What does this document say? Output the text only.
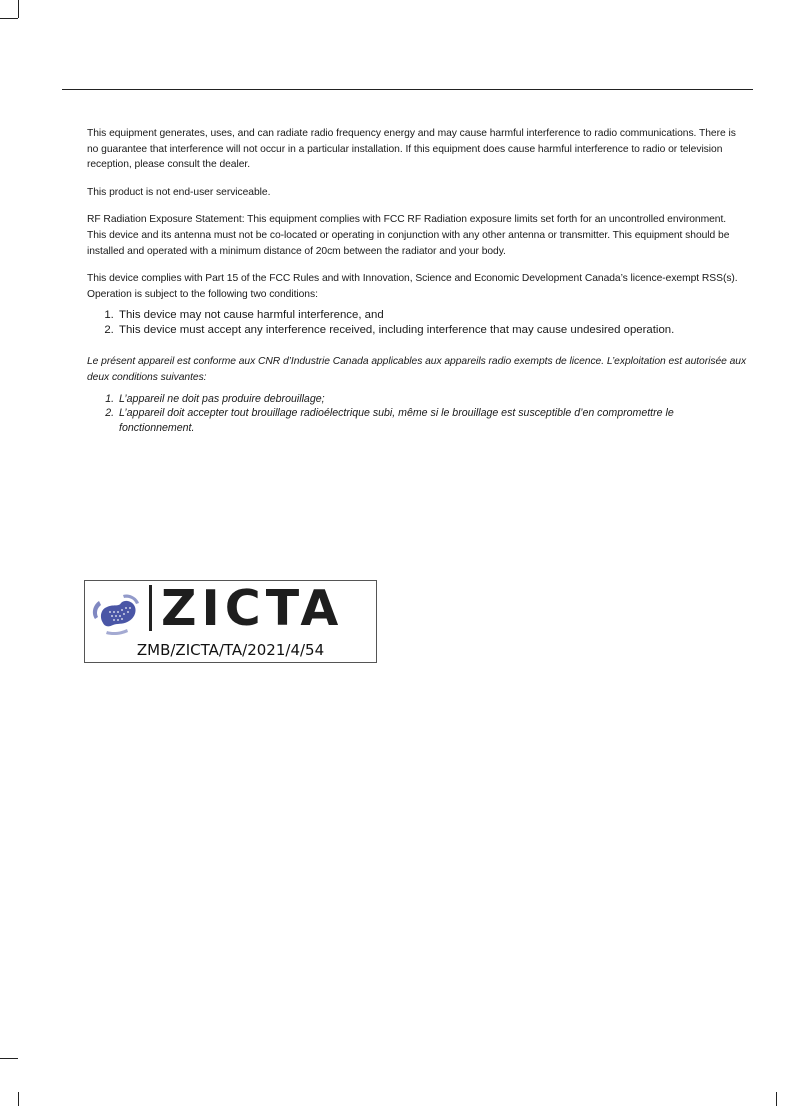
This equipment generates, uses, and can radiate radio frequency energy and may cause harmful interference to radio communications. There is no guarantee that interference will not occur in a particular installation. If this equipment does cause harmful interference to radio or television reception, please consult the dealer.

This product is not end-user serviceable.

RF Radiation Exposure Statement: This equipment complies with FCC RF Radiation exposure limits set forth for an uncontrolled environment. This device and its antenna must not be co-located or operating in conjunction with any other antenna or transmitter. This equipment should be installed and operated with a minimum distance of 20cm between the radiator and your body.

This device complies with Part 15 of the FCC Rules and with Innovation, Science and Economic Development Canada’s licence-exempt RSS(s). Operation is subject to the following two conditions:

1. This device may not cause harmful interference, and
2. This device must accept any interference received, including interference that may cause undesired operation.

Le présent appareil est conforme aux CNR d’Industrie Canada applicables aux appareils radio exempts de licence. L’exploitation est autorisée aux deux conditions suivantes:

1. L’appareil ne doit pas produire debrouillage;
2. L’appareil doit accepter tout brouillage radioélectrique subi, même si le brouillage est susceptible d’en compromettre le fonctionnement.
ZICTA
ZMB/ZICTA/TA/2021/4/54
